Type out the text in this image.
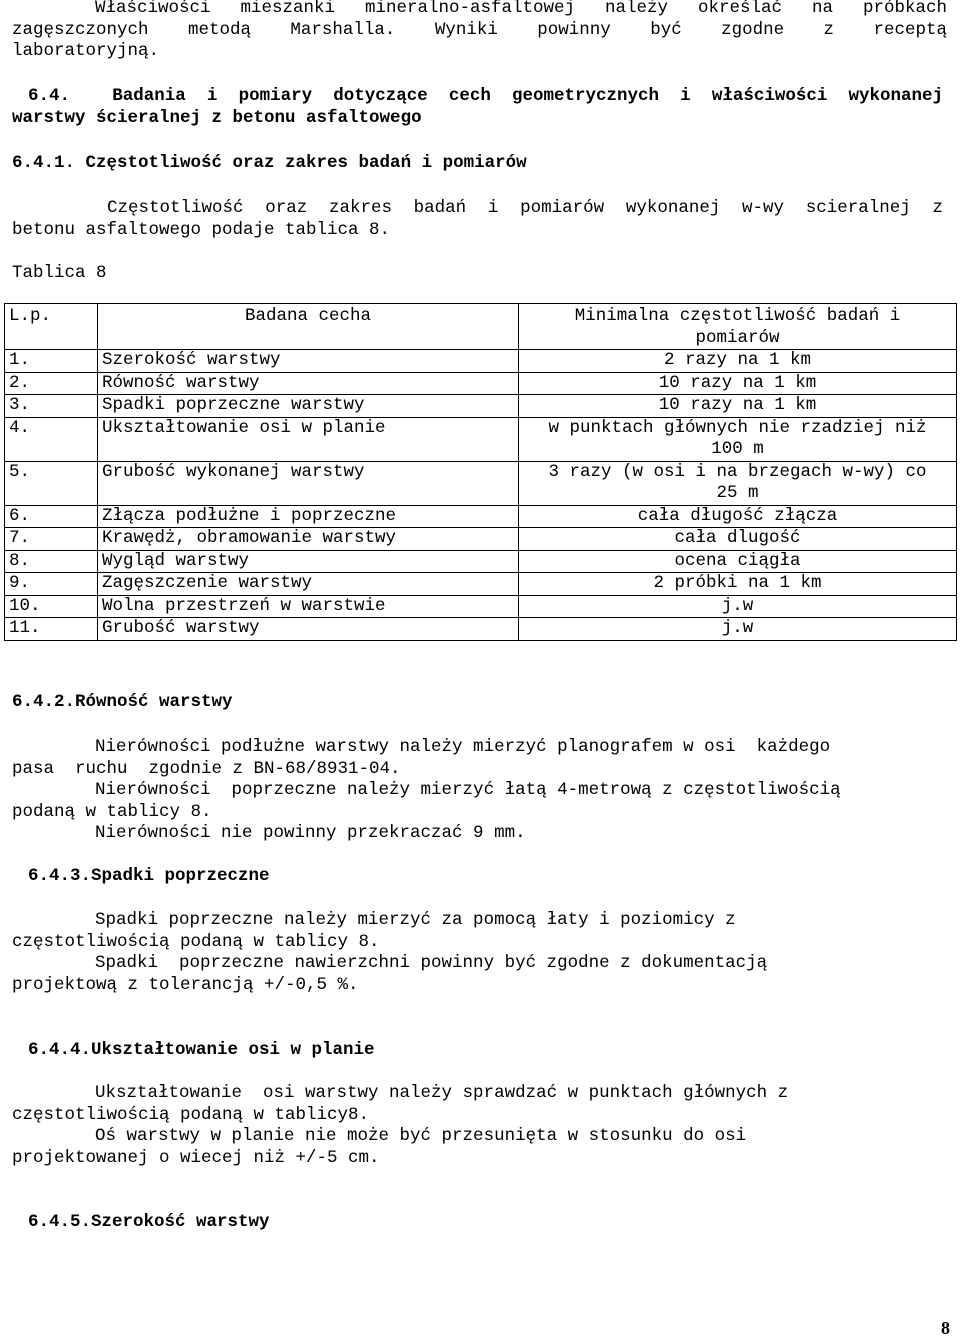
Właściwości mieszanki mineralno-asfaltowej należy określać na próbkach
zagęszczonych metodą Marshalla. Wyniki powinny być zgodne z receptą
laboratoryjną.
6.4.  Badania i pomiary dotyczące cech geometrycznych i właściwości wykonanej
warstwy ścieralnej z betonu asfaltowego
6.4.1. Częstotliwość oraz zakres badań i pomiarów
Częstotliwość oraz zakres badań i pomiarów wykonanej w-wy scieralnej z
betonu asfaltowego podaje tablica 8.
Tablica 8
L.p.	Badana cecha	Minimalna częstotliwość badań i pomiarów
1.	Szerokość warstwy	2 razy na 1 km
2.	Równość warstwy	10 razy na 1 km
3.	Spadki poprzeczne warstwy	10 razy na 1 km
4.	Ukształtowanie osi w planie	w punktach głównych nie rzadziej niż 100 m
5.	Grubość wykonanej warstwy	3 razy (w osi i na brzegach w-wy) co 25 m
6.	Złącza podłużne i poprzeczne	cała długość złącza
7.	Krawędż, obramowanie warstwy	cała dlugość
8.	Wygląd warstwy	ocena ciągła
9.	Zagęszczenie warstwy	2 próbki na 1 km
10.	Wolna przestrzeń w warstwie	j.w
11.	Grubość warstwy	j.w
6.4.2.Równość warstwy
Nierówności podłużne warstwy należy mierzyć planografem w osi  każdego
pasa  ruchu  zgodnie z BN-68/8931-04.
Nierówności  poprzeczne należy mierzyć łatą 4-metrową z częstotliwością
podaną w tablicy 8.
Nierówności nie powinny przekraczać 9 mm.
6.4.3.Spadki poprzeczne
Spadki poprzeczne należy mierzyć za pomocą łaty i poziomicy z
częstotliwością podaną w tablicy 8.
Spadki  poprzeczne nawierzchni powinny być zgodne z dokumentacją
projektową z tolerancją +/-0,5 %.
6.4.4.Ukształtowanie osi w planie
Ukształtowanie  osi warstwy należy sprawdzać w punktach głównych z
częstotliwością podaną w tablicy8.
Oś warstwy w planie nie może być przesunięta w stosunku do osi
projektowanej o wiecej niż +/-5 cm.
6.4.5.Szerokość warstwy
8
